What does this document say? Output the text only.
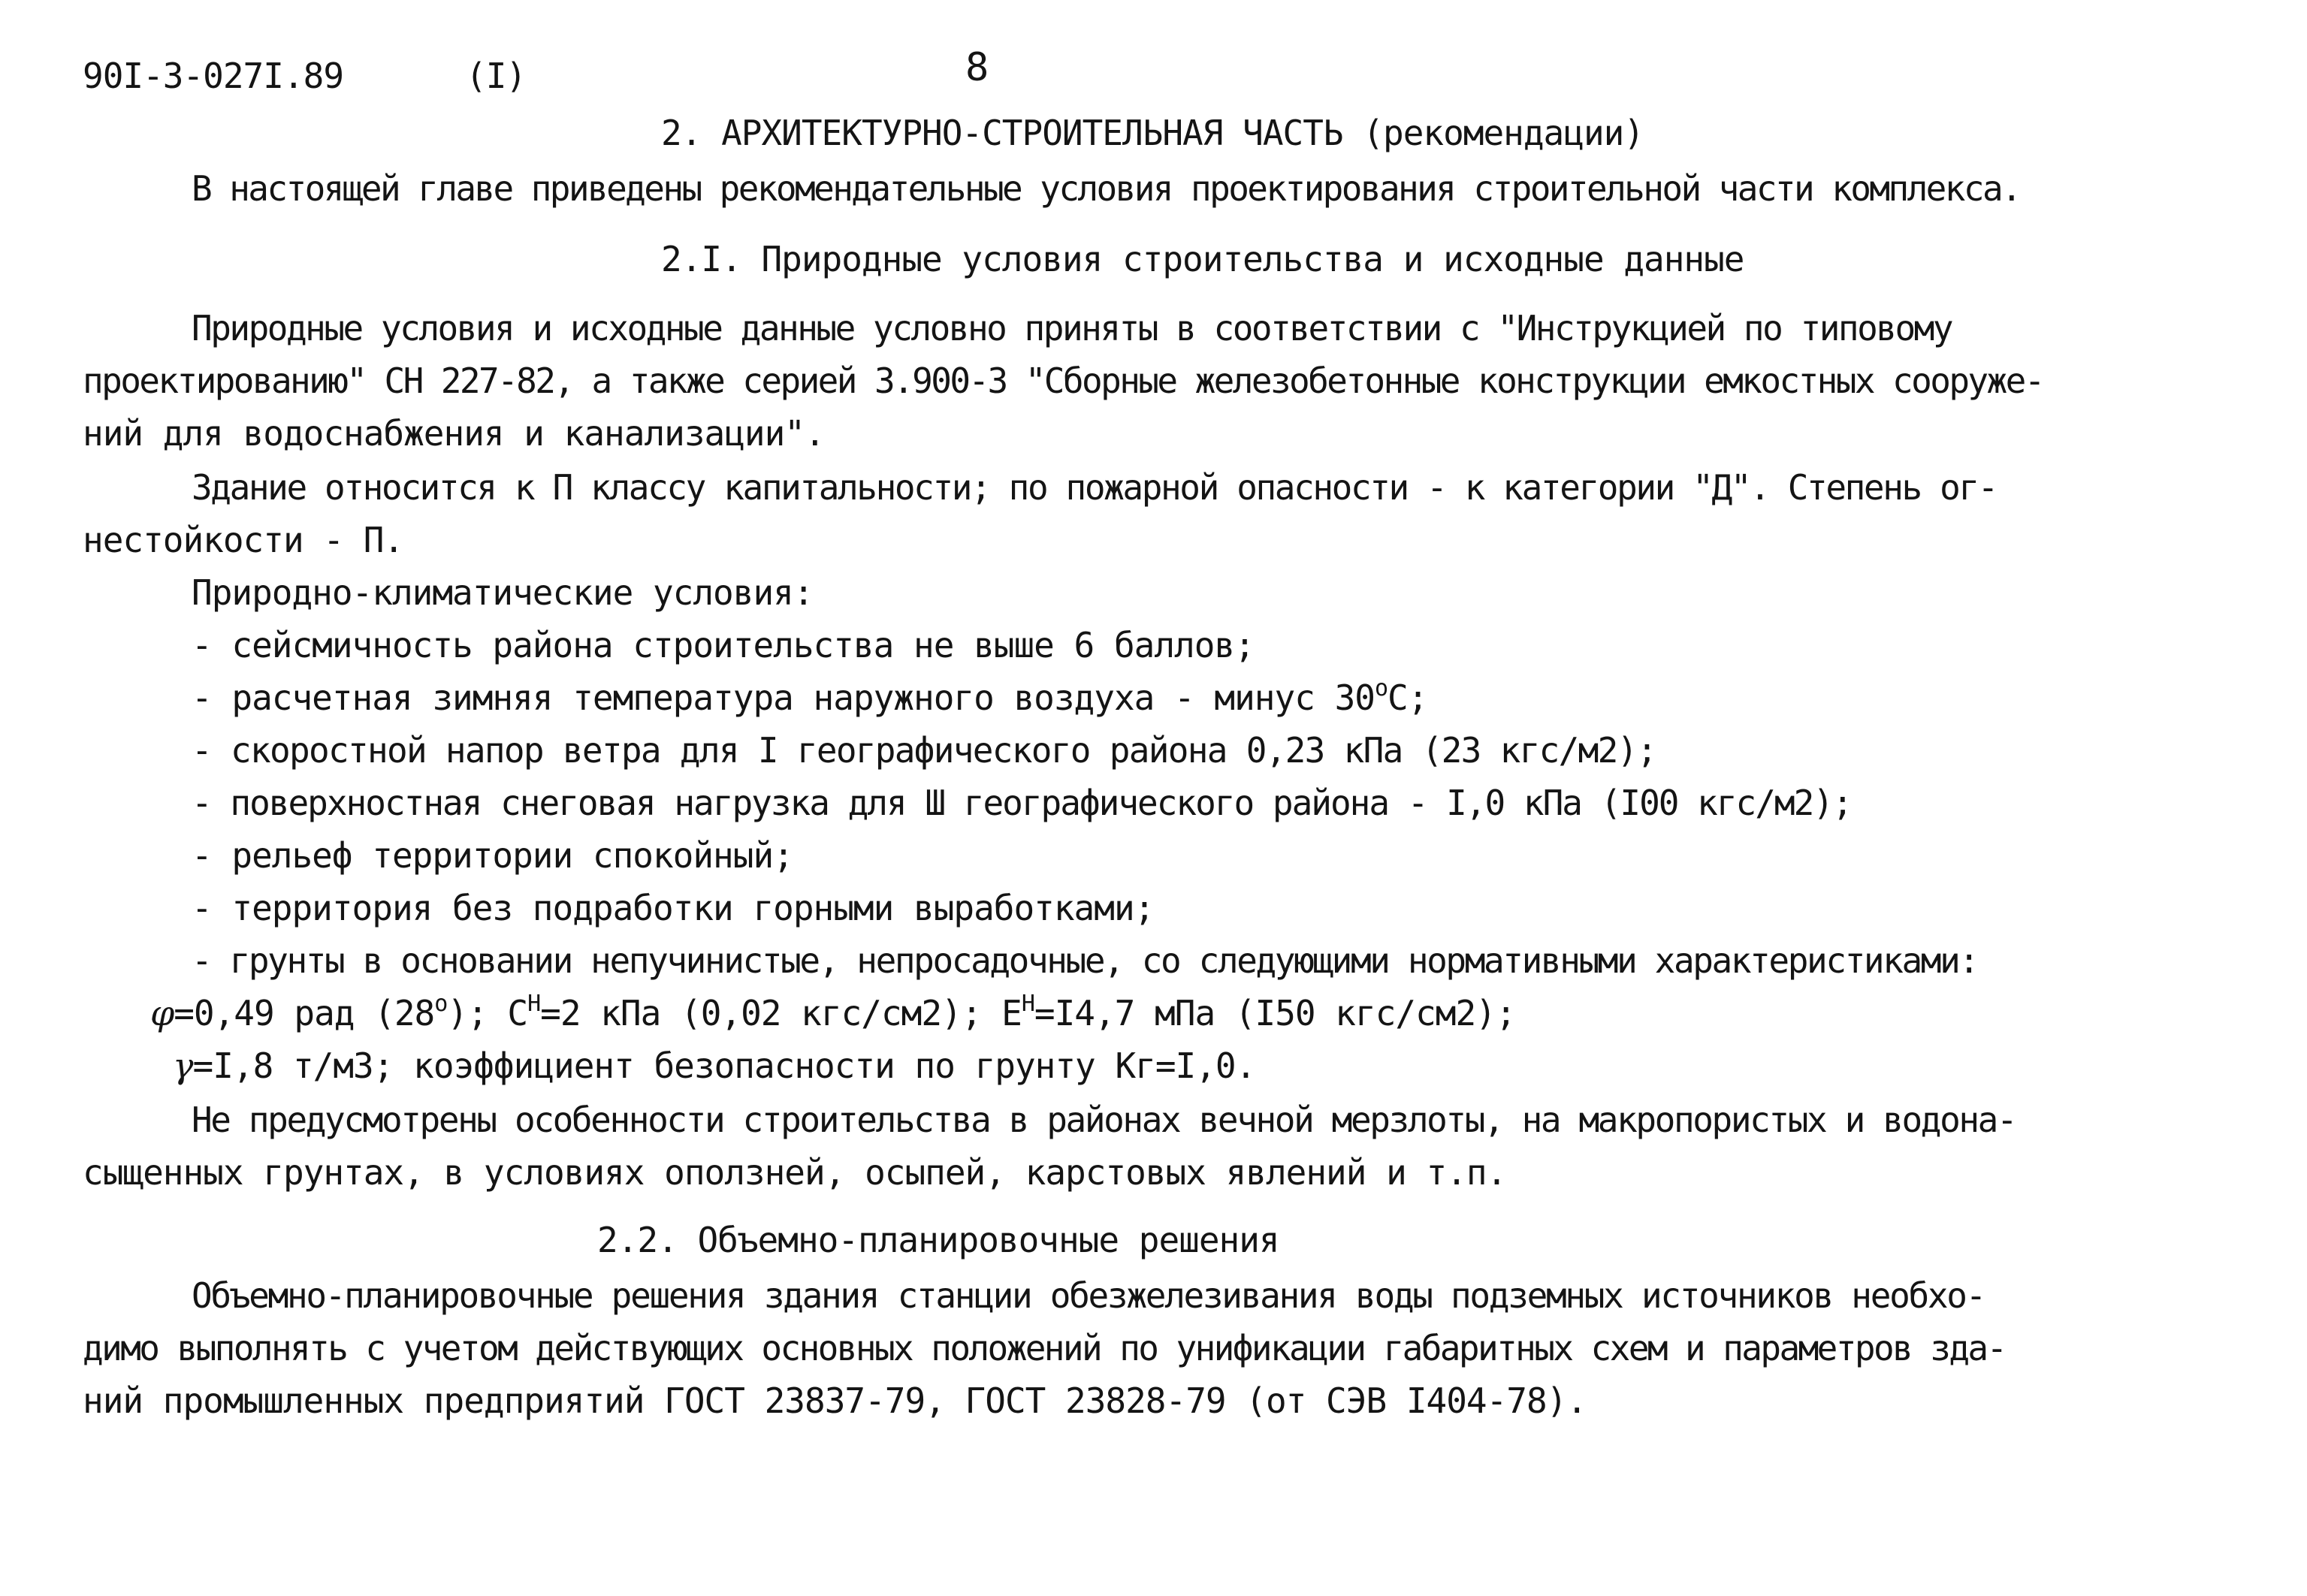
90I-3-027I.89	(I)	8
2. АРХИТЕКТУРНО-СТРОИТЕЛЬНАЯ ЧАСТЬ (рекомендации)
В настоящей главе приведены рекомендательные условия проектирования строительной части комплекса.
2.I. Природные условия строительства и исходные данные
Природные условия и исходные данные условно приняты в соответствии с "Инструкцией по типовому
проектированию" СН 227-82, а также серией 3.900-3 "Сборные железобетонные конструкции емкостных сооруже-
ний для водоснабжения и канализации".
Здание относится к П классу капитальности; по пожарной опасности - к категории "Д". Степень ог-
нестойкости - П.
Природно-климатические условия:
- сейсмичность района строительства не выше 6 баллов;
- расчетная зимняя температура наружного воздуха - минус $30^оС$;
- скоростной напор ветра для I географического района 0,23 кПа (23 кгс/м2);
- поверхностная снеговая нагрузка для Ш географического района - I,0 кПа (I00 кгс/м2);
- рельеф территории спокойный;
- территория без подработки горными выработками;
- грунты в основании непучинистые, непросадочные, со следующими нормативными характеристиками:
φ=0,49 рад $(28^о)$; $С^Н=2$ кПа (0,02 кгс/см2); $Е^Н=I4,7$ мПа (I50 кгс/см2);
γ=I,8 т/м3; коэффициент безопасности по грунту Кг=I,0.
Не предусмотрены особенности строительства в районах вечной мерзлоты, на макропористых и водона-
сыщенных грунтах, в условиях оползней, осыпей, карстовых явлений и т.п.
2.2. Объемно-планировочные решения
Объемно-планировочные решения здания станции обезжелезивания воды подземных источников необхо-
димо выполнять с учетом действующих основных положений по унификации габаритных схем и параметров зда-
ний промышленных предприятий ГОСТ 23837-79, ГОСТ 23828-79 (от СЭВ I404-78).
